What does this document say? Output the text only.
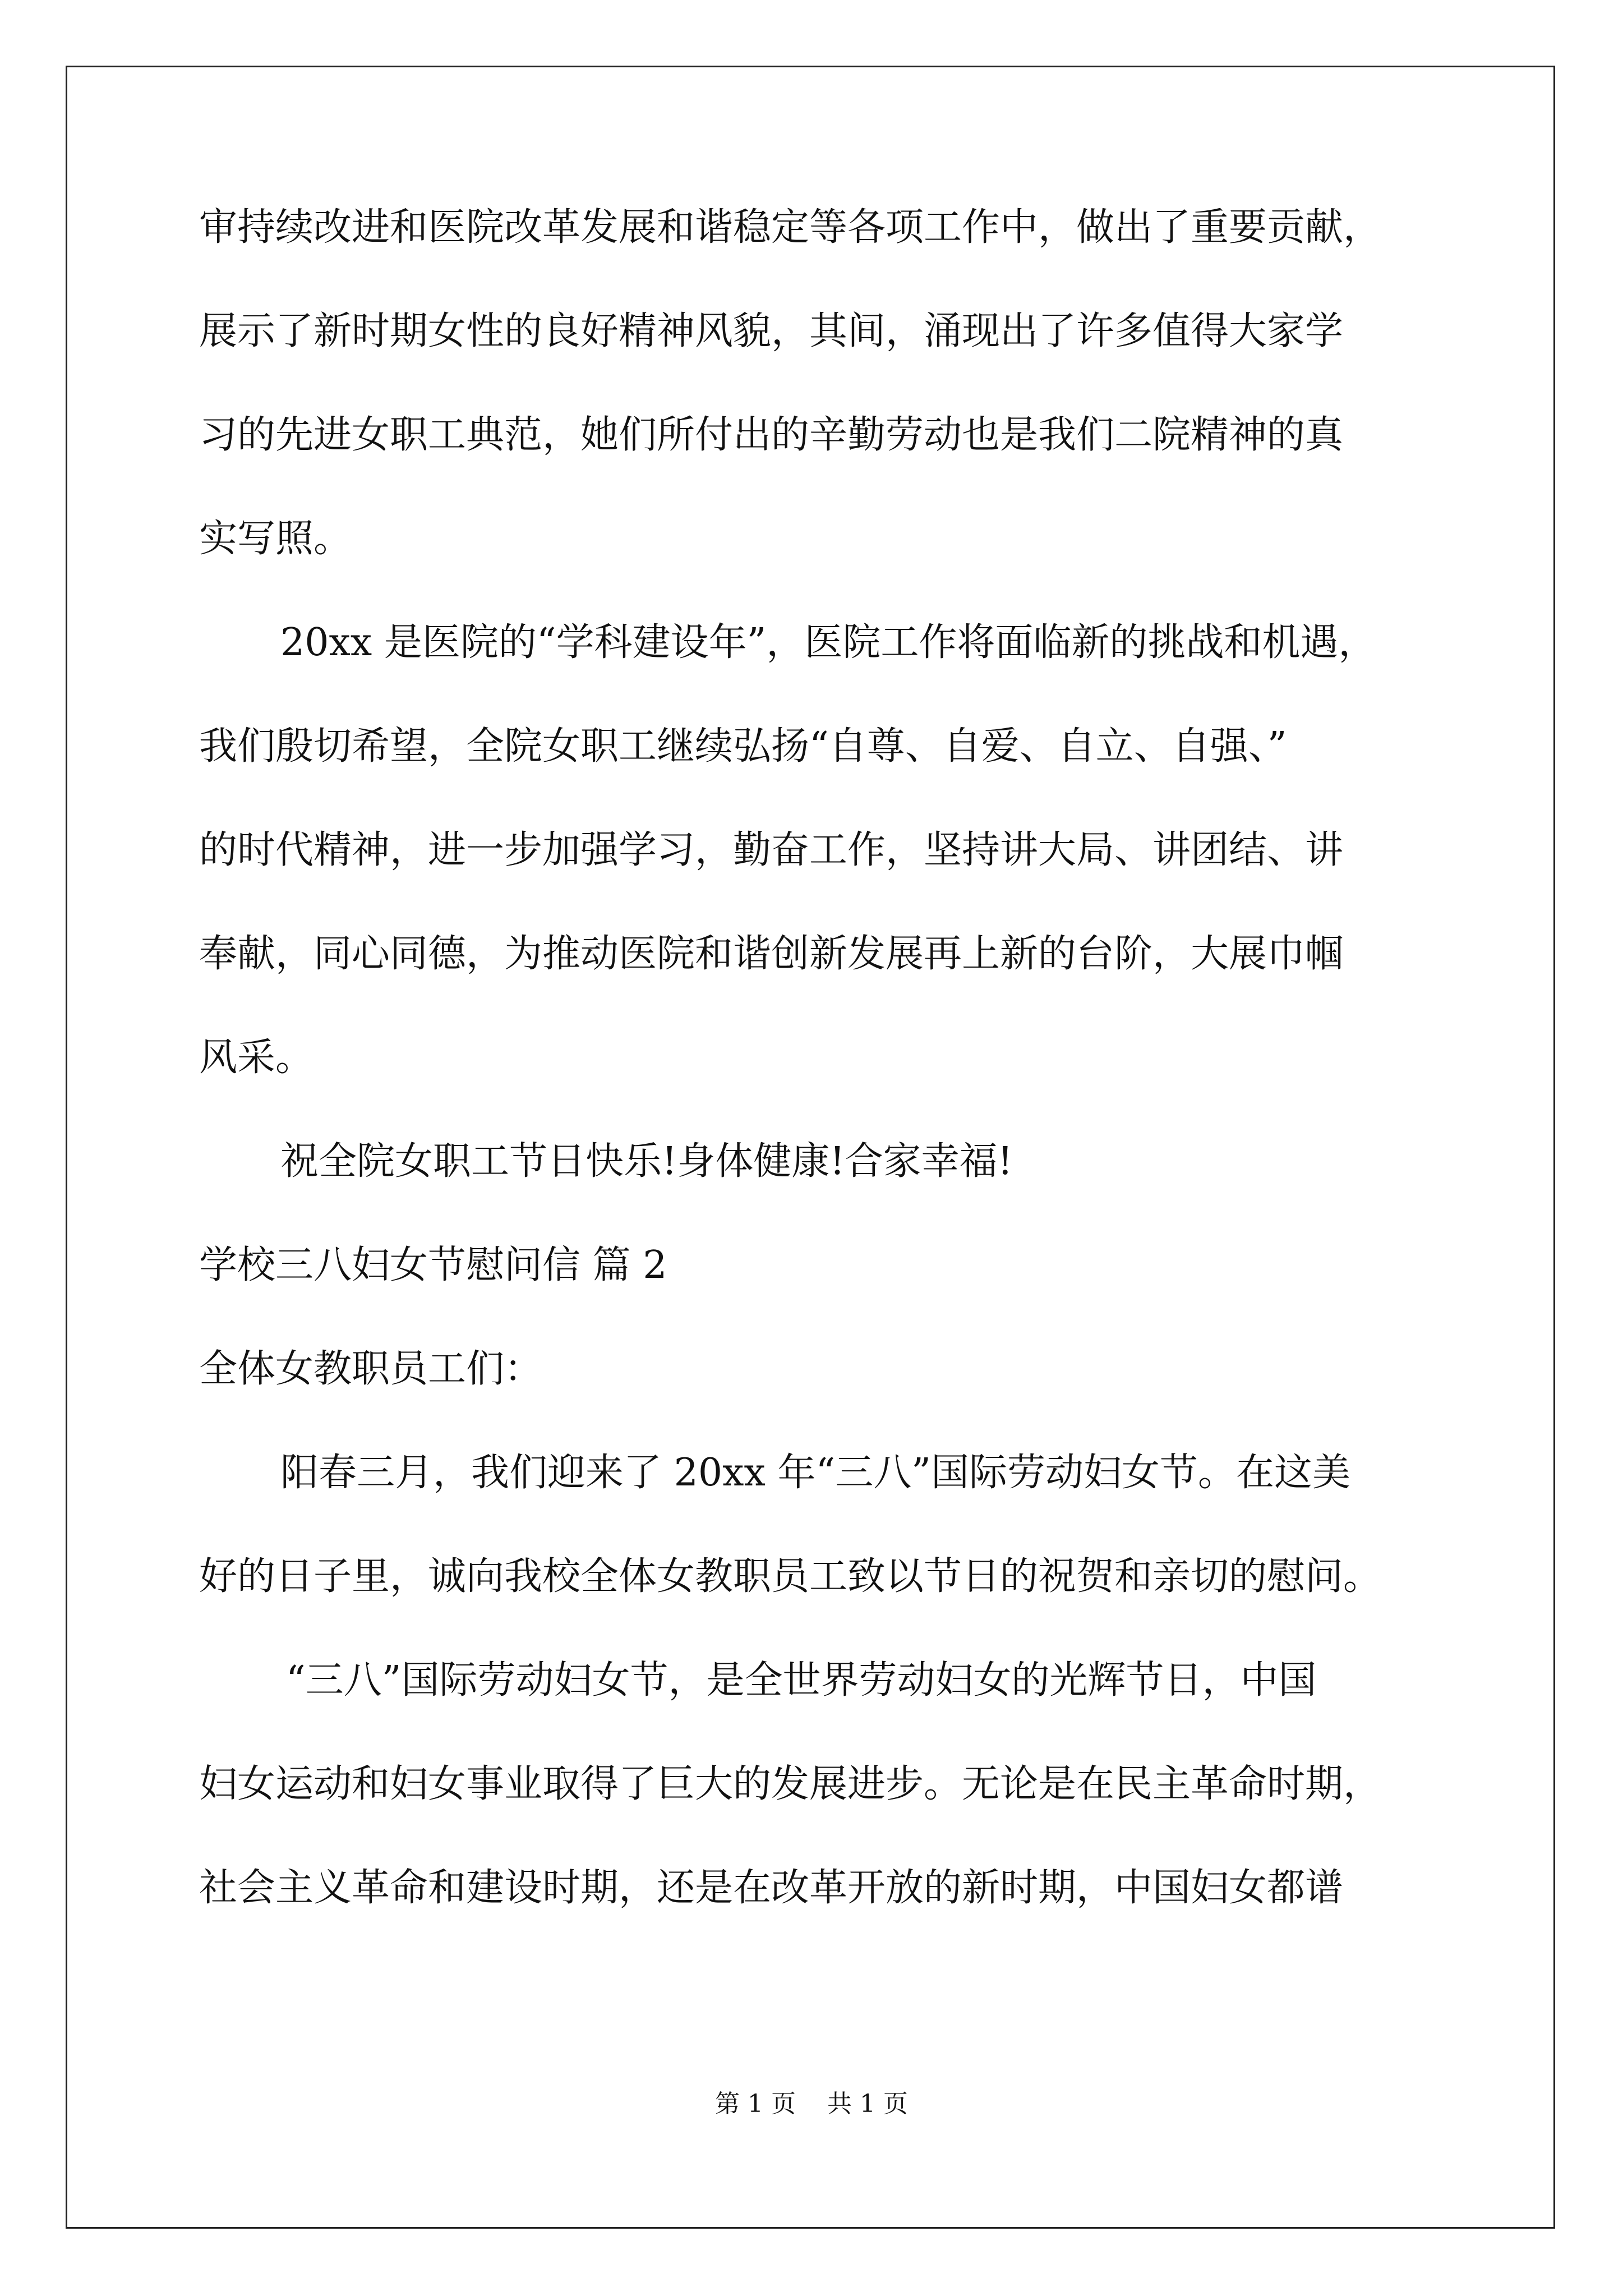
审持续改进和医院改革发展和谐稳定等各项工作中，做出了重要贡献，
展示了新时期女性的良好精神风貌，其间，涌现出了许多值得大家学
习的先进女职工典范，她们所付出的辛勤劳动也是我们二院精神的真
实写照。
20xx 是医院的“学科建设年”，医院工作将面临新的挑战和机遇，
我们殷切希望，全院女职工继续弘扬“自尊、自爱、自立、自强、”
的时代精神，进一步加强学习，勤奋工作，坚持讲大局、讲团结、讲
奉献，同心同德，为推动医院和谐创新发展再上新的台阶，大展巾帼
风采。
祝全院女职工节日快乐!身体健康!合家幸福!
学校三八妇女节慰问信 篇 2
全体女教职员工们：
阳春三月，我们迎来了 20xx 年“三八”国际劳动妇女节。在这美
好的日子里，诚向我校全体女教职员工致以节日的祝贺和亲切的慰问。
“三八”国际劳动妇女节，是全世界劳动妇女的光辉节日，中国
妇女运动和妇女事业取得了巨大的发展进步。无论是在民主革命时期，
社会主义革命和建设时期，还是在改革开放的新时期，中国妇女都谱
第 1 页    共 1 页
